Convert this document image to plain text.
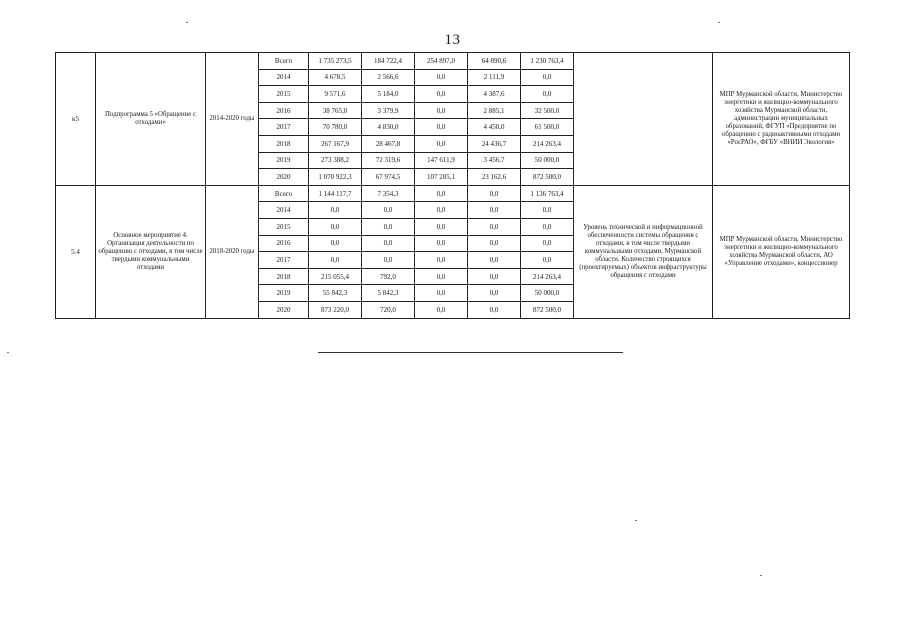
13
к5	Подпрограмма 5 «Обращение с отходами»	2014-2020 годы	Всего	1 735 273,5	184 722,4	254 897,0	64 890,6	1 230 763,4		МПР Мурманской области, Министерство энергетики и жилищно-коммунального хозяйства Мурманской области, администрации муниципальных образований, ФГУП «Предприятие по обращению с радиоактивными отходами «РосРАО», ФГБУ «ВНИИ Экология»
			2014	4 678,5	2 566,6	0,0	2 111,9	0,0		
			2015	9 571,6	5 184,0	0,0	4 387,6	0,0		
			2016	38 765,0	3 379,9	0,0	2 885,1	32 500,0		
			2017	70 780,0	4 830,0	0,0	4 450,0	61 500,0		
			2018	267 167,9	28 467,8	0,0	24 436,7	214 263,4		
			2019	273 388,2	72 319,6	147 611,9	3 456,7	50 000,0		
			2020	1 070 922,3	67 974,5	107 285,1	23 162,6	872 500,0		
5.4	Основное мероприятие 4. Организация деятельности по обращению с отходами, в том числе твердыми коммунальными отходами	2018-2020 годы	Всего	1 144 117,7	7 354,3	0,0	0,0	1 136 763,4	Уровень технической и информационной обеспеченности системы обращения с отходами, в том числе твердыми коммунальными отходами, Мурманской области. Количество строящихся (проектируемых) объектов инфраструктуры обращения с отходами	МПР Мурманской области, Министерство энергетики и жилищно-коммунального хозяйства Мурманской области, АО «Управление отходами», концессионер
			2014	0,0	0,0	0,0	0,0	0,0		
			2015	0,0	0,0	0,0	0,0	0,0		
			2016	0,0	0,0	0,0	0,0	0,0		
			2017	0,0	0,0	0,0	0,0	0,0		
			2018	215 055,4	792,0	0,0	0,0	214 263,4		
			2019	55 842,3	5 842,3	0,0	0,0	50 000,0		
			2020	873 220,0	720,0	0,0	0,0	872 500,0		
